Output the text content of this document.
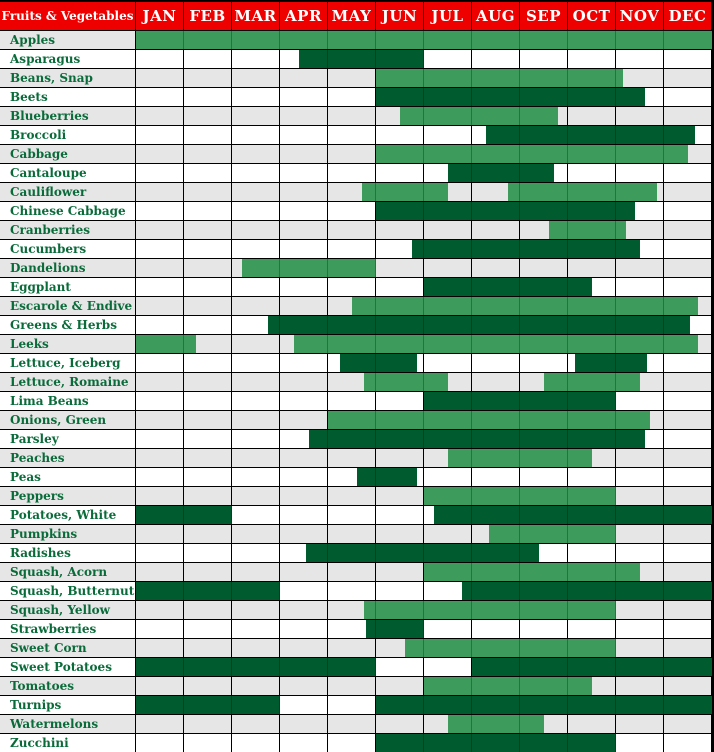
Fruits & Vegetables JAN FEB MAR APR MAY JUN JUL AUG SEP OCT NOV DEC
Apples
Asparagus
Beans, Snap
Beets
Blueberries
Broccoli
Cabbage
Cantaloupe
Cauliflower
Chinese Cabbage
Cranberries
Cucumbers
Dandelions
Eggplant
Escarole & Endive
Greens & Herbs
Leeks
Lettuce, Iceberg
Lettuce, Romaine
Lima Beans
Onions, Green
Parsley
Peaches
Peas
Peppers
Potatoes, White
Pumpkins
Radishes
Squash, Acorn
Squash, Butternut
Squash, Yellow
Strawberries
Sweet Corn
Sweet Potatoes
Tomatoes
Turnips
Watermelons
Zucchini
